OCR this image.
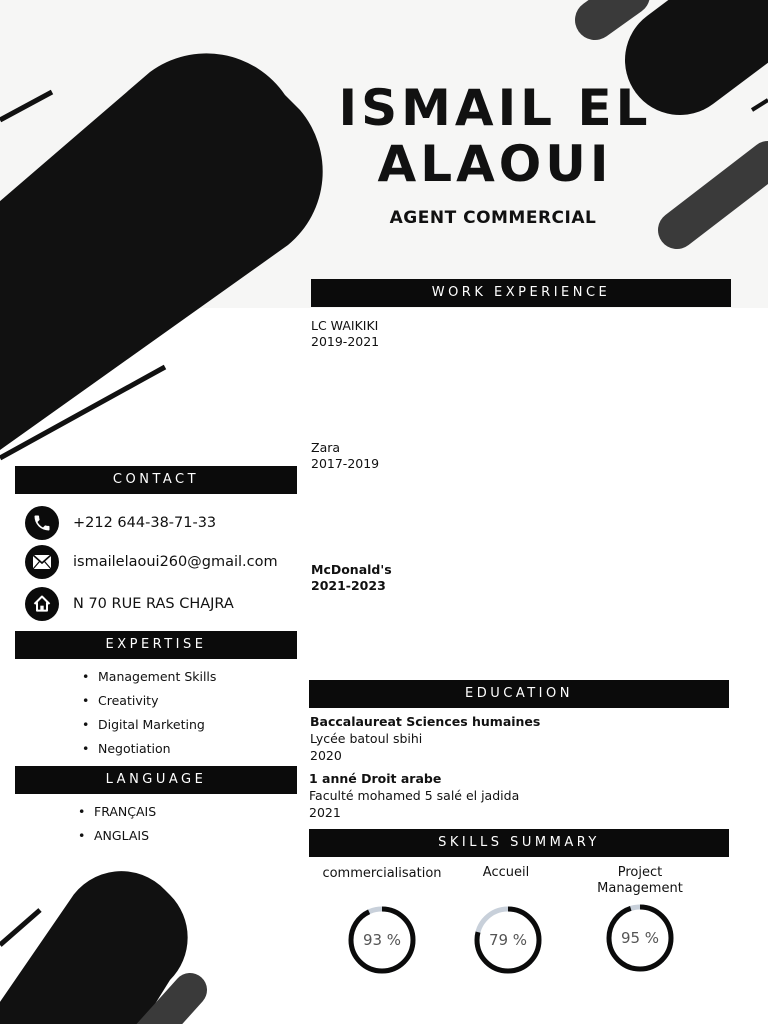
ISMAIL EL
ALAOUI
AGENT COMMERCIAL
WORK EXPERIENCE
LC WAIKIKI
2019-2021
Zara
2017-2019
McDonald's
2021-2023
CONTACT
+212 644-38-71-33
ismailelaoui260@gmail.com
N 70 RUE RAS CHAJRA
EXPERTISE
• Management Skills
• Creativity
• Digital Marketing
• Negotiation
LANGUAGE
• FRANÇAIS
• ANGLAIS
EDUCATION
Baccalaureat Sciences humaines
Lycée batoul sbihi
2020
1 anné Droit arabe
Faculté mohamed 5 salé el jadida
2021
SKILLS SUMMARY
commercialisation	Accueil	Project Management
93 %	79 %	95 %
